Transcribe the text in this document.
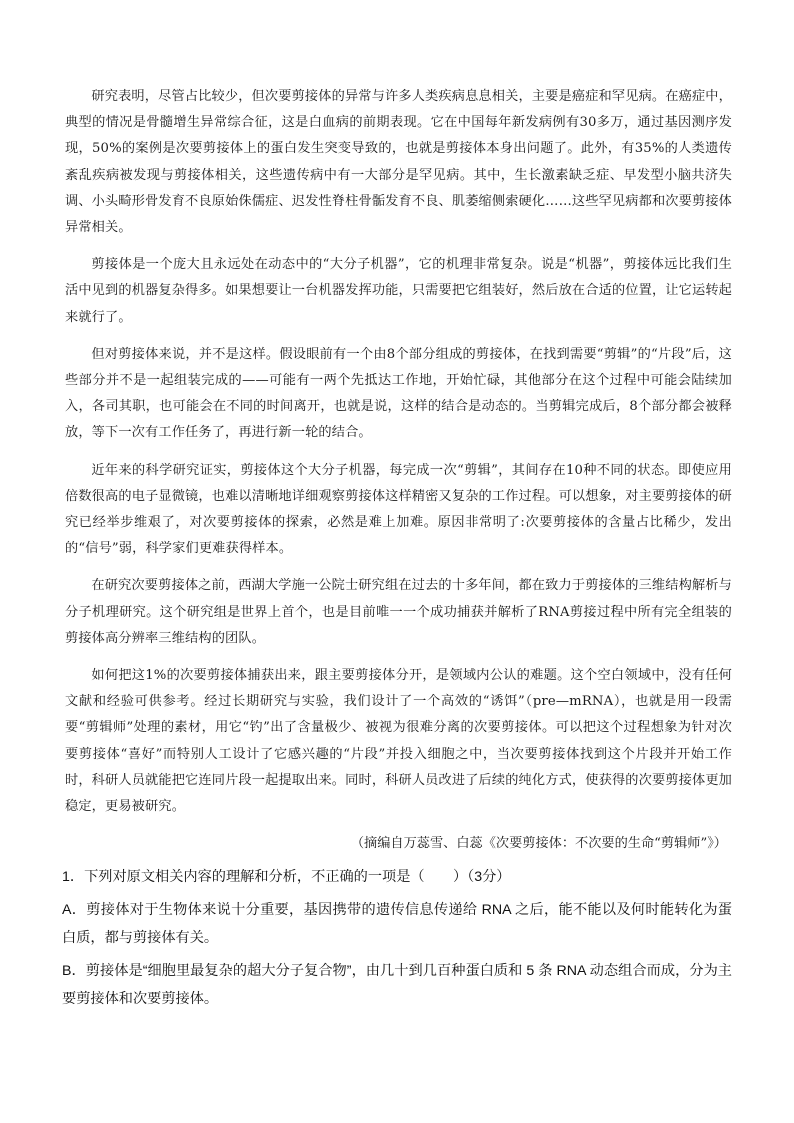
研究表明，尽管占比较少，但次要剪接体的异常与许多人类疾病息息相关，主要是癌症和罕见病。在癌症中，典型的情况是骨髓增生异常综合征，这是白血病的前期表现。它在中国每年新发病例有30多万，通过基因测序发现，50%的案例是次要剪接体上的蛋白发生突变导致的，也就是剪接体本身出问题了。此外，有35%的人类遗传紊乱疾病被发现与剪接体相关，这些遗传病中有一大部分是罕见病。其中，生长激素缺乏症、早发型小脑共济失调、小头畸形骨发育不良原始侏儒症、迟发性脊柱骨骺发育不良、肌萎缩侧索硬化……这些罕见病都和次要剪接体异常相关。

剪接体是一个庞大且永远处在动态中的“大分子机器”，它的机理非常复杂。说是“机器”，剪接体远比我们生活中见到的机器复杂得多。如果想要让一台机器发挥功能，只需要把它组装好，然后放在合适的位置，让它运转起来就行了。

但对剪接体来说，并不是这样。假设眼前有一个由8个部分组成的剪接体，在找到需要“剪辑”的“片段”后，这些部分并不是一起组装完成的——可能有一两个先抵达工作地，开始忙碌，其他部分在这个过程中可能会陆续加入，各司其职，也可能会在不同的时间离开，也就是说，这样的结合是动态的。当剪辑完成后，8个部分都会被释放，等下一次有工作任务了，再进行新一轮的结合。

近年来的科学研究证实，剪接体这个大分子机器，每完成一次“剪辑”，其间存在10种不同的状态。即使应用倍数很高的电子显微镜，也难以清晰地详细观察剪接体这样精密又复杂的工作过程。可以想象，对主要剪接体的研究已经举步维艰了，对次要剪接体的探索，必然是难上加难。原因非常明了:次要剪接体的含量占比稀少，发出的“信号”弱，科学家们更难获得样本。

在研究次要剪接体之前，西湖大学施一公院士研究组在过去的十多年间，都在致力于剪接体的三维结构解析与分子机理研究。这个研究组是世界上首个，也是目前唯一一个成功捕获并解析了RNA剪接过程中所有完全组装的剪接体高分辨率三维结构的团队。

如何把这1%的次要剪接体捕获出来，跟主要剪接体分开，是领域内公认的难题。这个空白领域中，没有任何文献和经验可供参考。经过长期研究与实验，我们设计了一个高效的“诱饵”（pre—mRNA），也就是用一段需要“剪辑师”处理的素材，用它“钓”出了含量极少、被视为很难分离的次要剪接体。可以把这个过程想象为针对次要剪接体“喜好”而特别人工设计了它感兴趣的“片段”并投入细胞之中，当次要剪接体找到这个片段并开始工作时，科研人员就能把它连同片段一起提取出来。同时，科研人员改进了后续的纯化方式，使获得的次要剪接体更加稳定，更易被研究。

（摘编自万蕊雪、白蕊《次要剪接体：不次要的生命“剪辑师”》）

1．下列对原文相关内容的理解和分析，不正确的一项是（　　）（3分）

A．剪接体对于生物体来说十分重要，基因携带的遗传信息传递给 RNA 之后，能不能以及何时能转化为蛋白质，都与剪接体有关。

B．剪接体是“细胞里最复杂的超大分子复合物”，由几十到几百种蛋白质和 5 条 RNA 动态组合而成，分为主要剪接体和次要剪接体。
